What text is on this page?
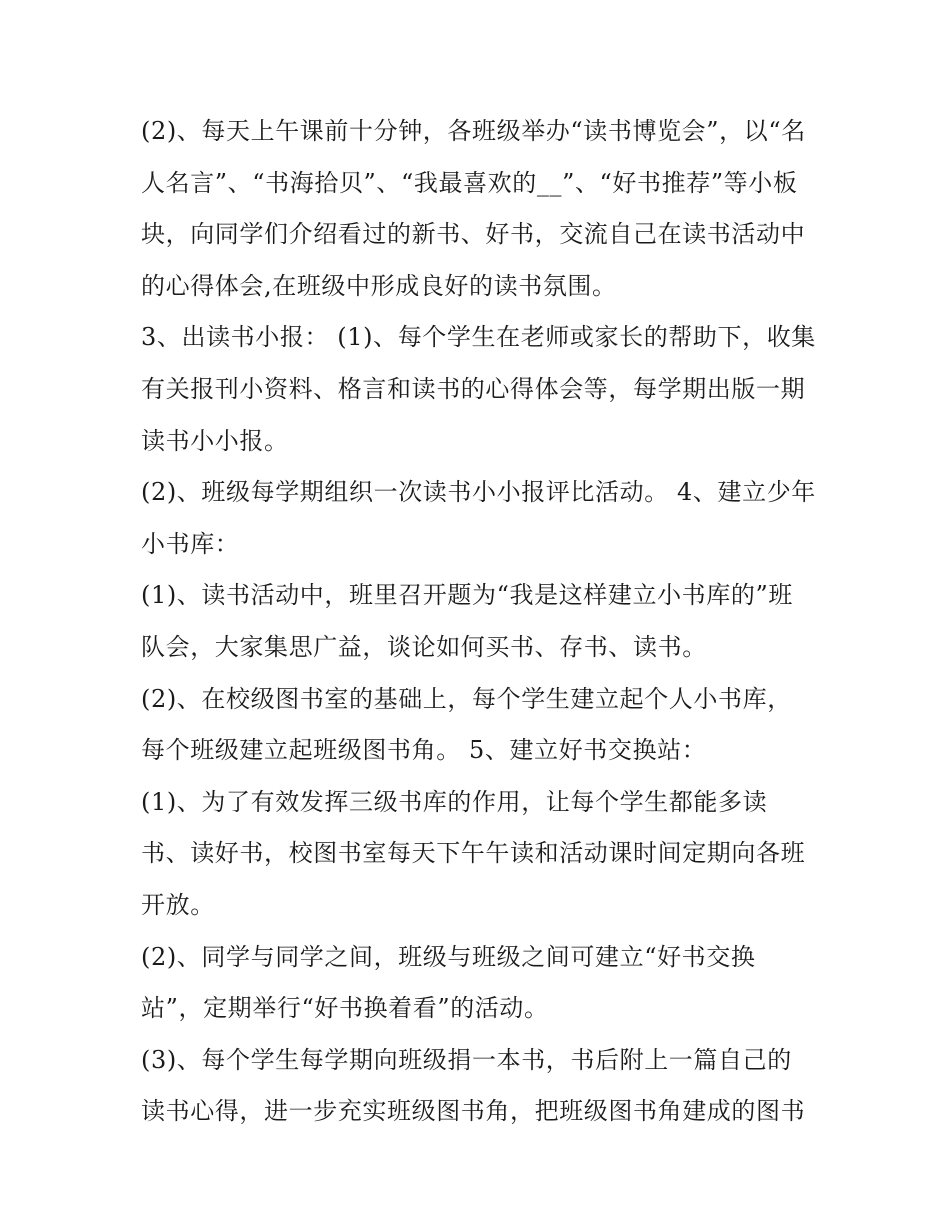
(2)、每天上午课前十分钟，各班级举办“读书博览会”，以“名
人名言”、“书海拾贝”、“我最喜欢的__”、“好书推荐”等小板
块，向同学们介绍看过的新书、好书，交流自己在读书活动中
的心得体会,在班级中形成良好的读书氛围。
3、出读书小报： (1)、每个学生在老师或家长的帮助下，收集
有关报刊小资料、格言和读书的心得体会等，每学期出版一期
读书小小报。
(2)、班级每学期组织一次读书小小报评比活动。 4、建立少年
小书库：
(1)、读书活动中，班里召开题为“我是这样建立小书库的”班
队会，大家集思广益，谈论如何买书、存书、读书。
(2)、在校级图书室的基础上，每个学生建立起个人小书库，
每个班级建立起班级图书角。 5、建立好书交换站：
(1)、为了有效发挥三级书库的作用，让每个学生都能多读
书、读好书，校图书室每天下午午读和活动课时间定期向各班
开放。
(2)、同学与同学之间，班级与班级之间可建立“好书交换
站”，定期举行“好书换着看”的活动。
(3)、每个学生每学期向班级捐一本书，书后附上一篇自己的
读书心得，进一步充实班级图书角，把班级图书角建成的图书
